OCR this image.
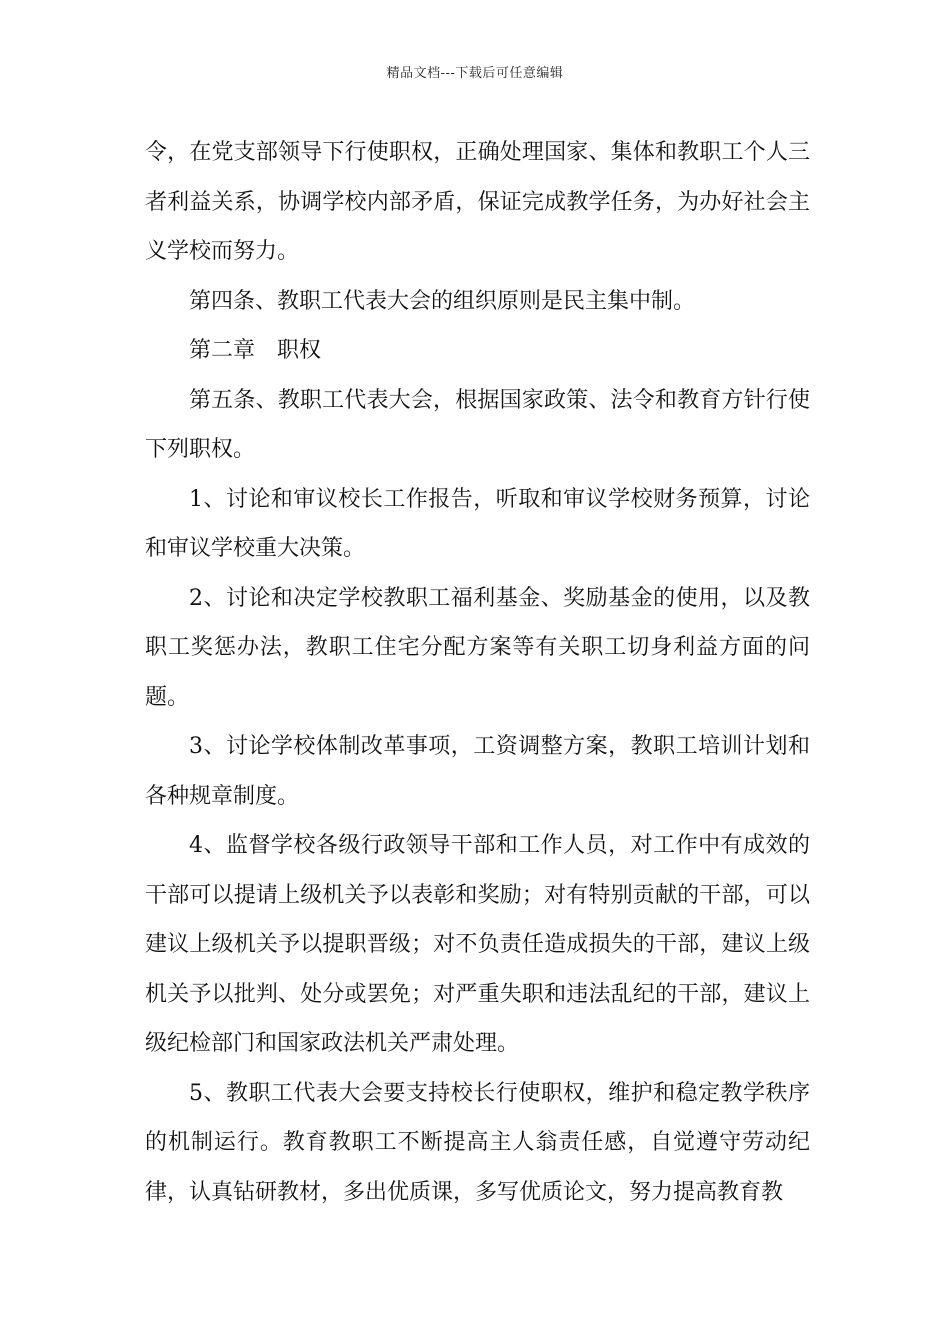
精品文档---下载后可任意编辑

令，在党支部领导下行使职权，正确处理国家、集体和教职工个人三者利益关系，协调学校内部矛盾，保证完成教学任务，为办好社会主义学校而努力。

第四条、教职工代表大会的组织原则是民主集中制。

第二章　职权

第五条、教职工代表大会，根据国家政策、法令和教育方针行使下列职权。

1、讨论和审议校长工作报告，听取和审议学校财务预算，讨论和审议学校重大决策。

2、讨论和决定学校教职工福利基金、奖励基金的使用，以及教职工奖惩办法，教职工住宅分配方案等有关职工切身利益方面的问题。

3、讨论学校体制改革事项，工资调整方案，教职工培训计划和各种规章制度。

4、监督学校各级行政领导干部和工作人员，对工作中有成效的干部可以提请上级机关予以表彰和奖励；对有特别贡献的干部，可以建议上级机关予以提职晋级；对不负责任造成损失的干部，建议上级机关予以批判、处分或罢免；对严重失职和违法乱纪的干部，建议上级纪检部门和国家政法机关严肃处理。

5、教职工代表大会要支持校长行使职权，维护和稳定教学秩序的机制运行。教育教职工不断提高主人翁责任感，自觉遵守劳动纪律，认真钻研教材，多出优质课，多写优质论文，努力提高教育教
